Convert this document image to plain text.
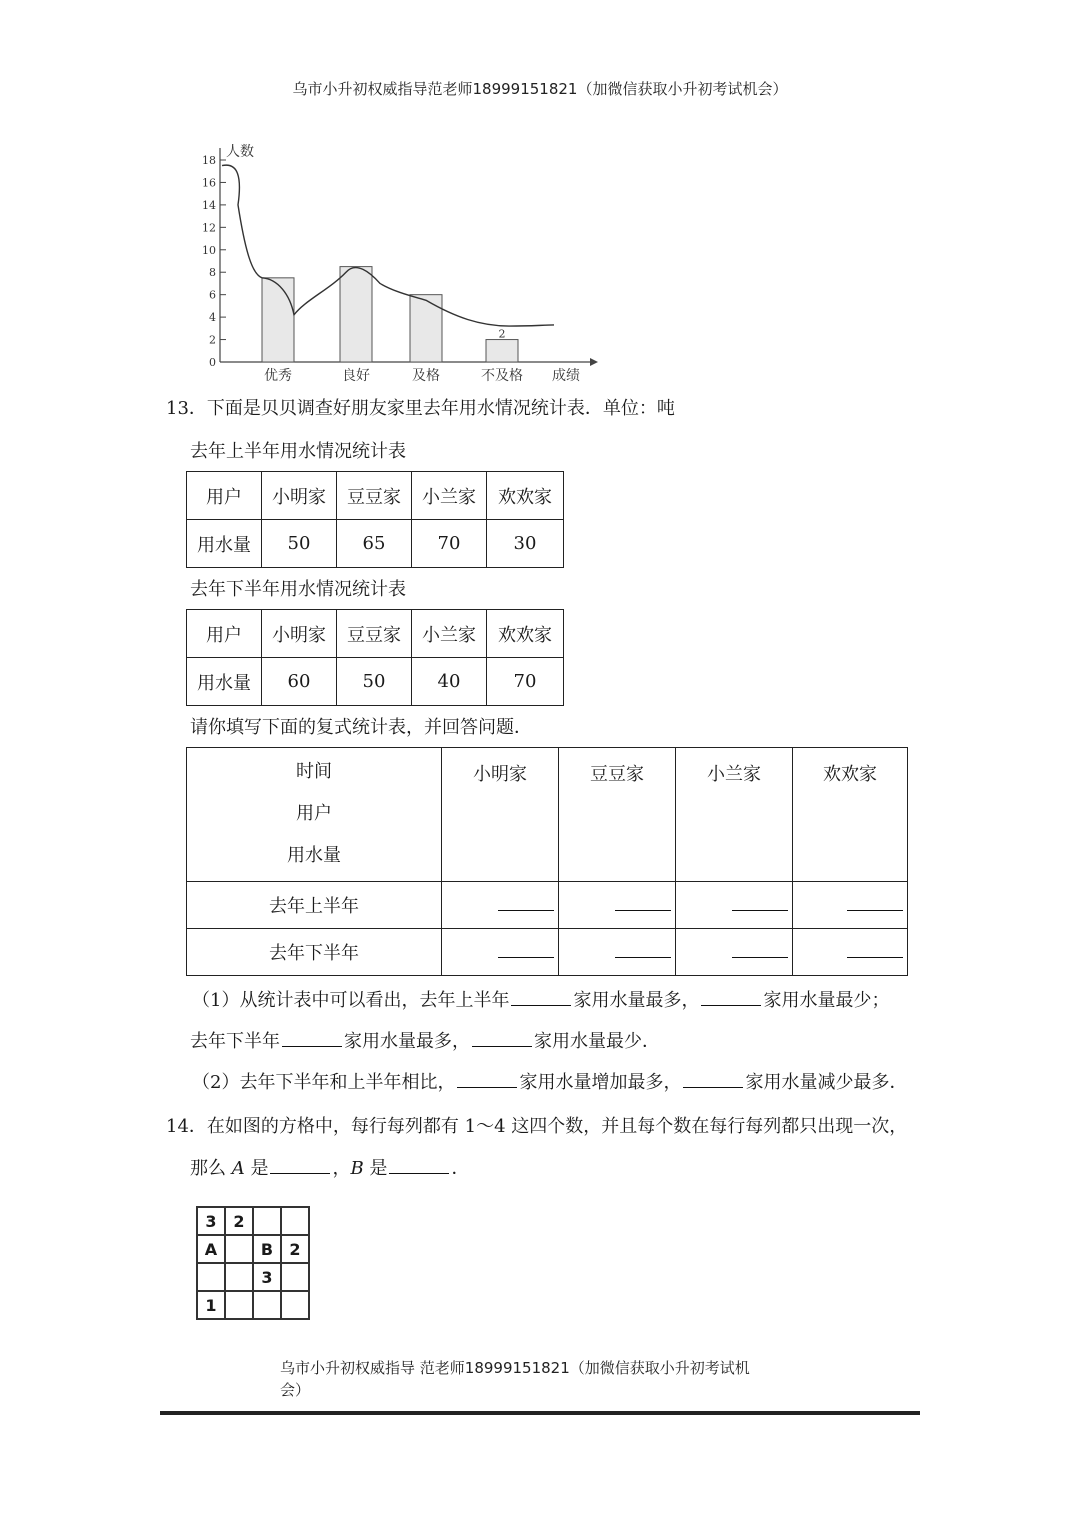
乌市小升初权威指导范老师18999151821（加微信获取小升初考试机会）
0
2
4
6
8
10
12
14
16
18
人数
优秀	良好	及格	不及格
2
成绩
13．下面是贝贝调查好朋友家里去年用水情况统计表．单位：吨
去年上半年用水情况统计表
用户	小明家	豆豆家	小兰家	欢欢家
用水量	50	65	70	30
去年下半年用水情况统计表
用户	小明家	豆豆家	小兰家	欢欢家
用水量	60	50	40	70
请你填写下面的复式统计表，并回答问题．
时间
用户
用水量	小明家	豆豆家	小兰家	欢欢家
去年上半年				
去年下半年				
（1）从统计表中可以看出，去年上半年	家用水量最多，	家用水量最少；
去年下半年	家用水量最多，	家用水量最少．
（2）去年下半年和上半年相比，	家用水量增加最多，	家用水量减少最多．
14．在如图的方格中，每行每列都有 1～4 这四个数，并且每个数在每行每列都只出现一次，
那么 A 是	，B 是	．
3	2		
A		B	2
		3	
1			
乌市小升初权威指导 范老师18999151821（加微信获取小升初考试机
会）
